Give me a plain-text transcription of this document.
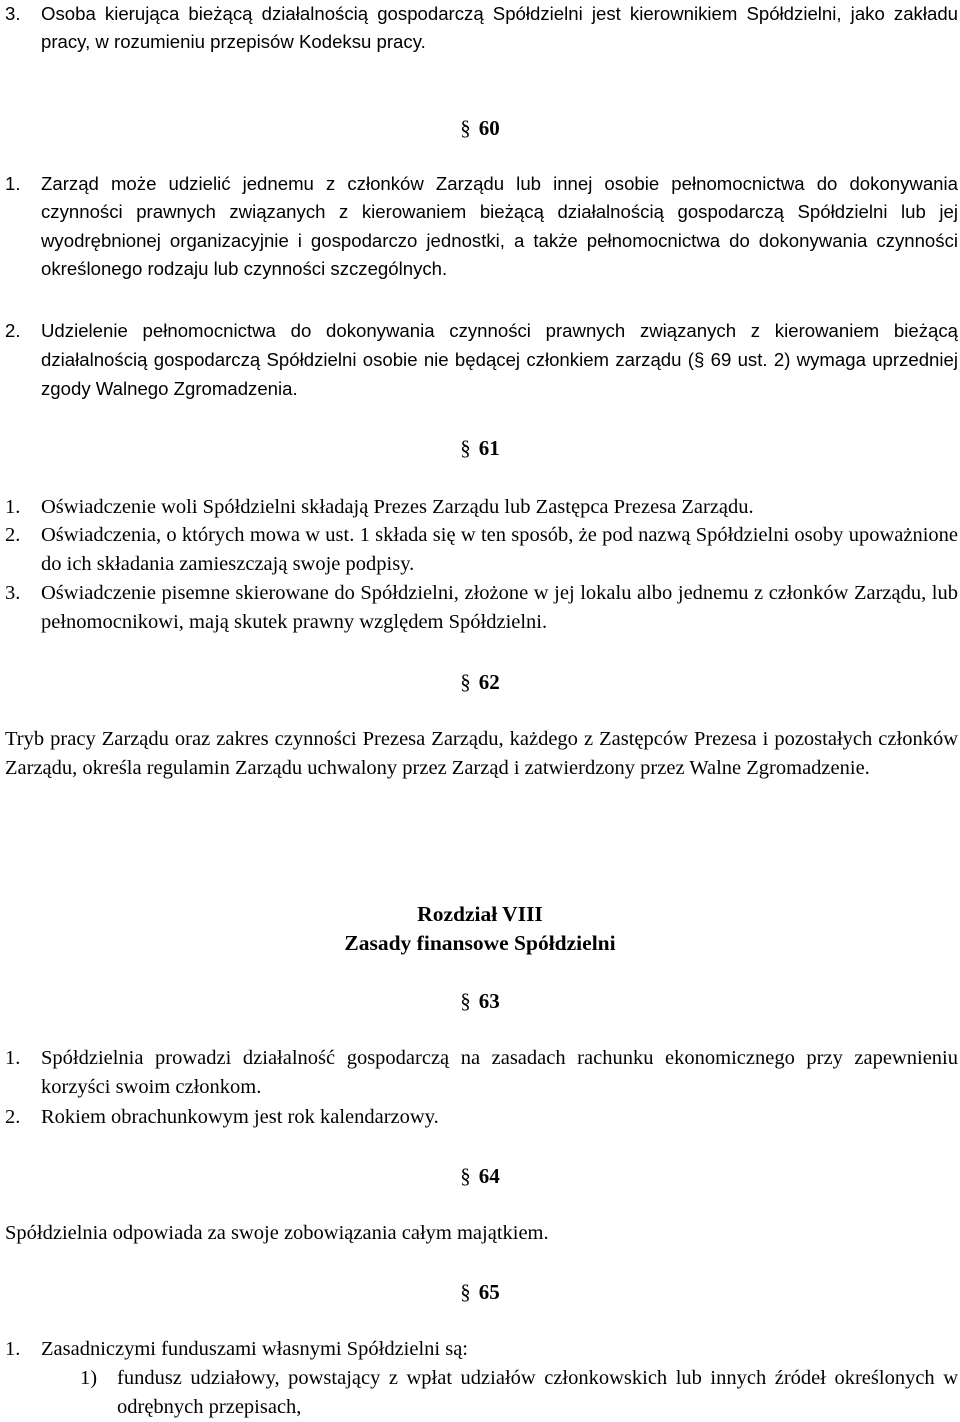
3. Osoba kierująca bieżącą działalnością gospodarczą Spółdzielni jest kierownikiem Spółdzielni, jako zakładu pracy, w rozumieniu przepisów Kodeksu pracy.
§ 60
1. Zarząd może udzielić jednemu z członków Zarządu lub innej osobie pełnomocnictwa do dokonywania czynności prawnych związanych z kierowaniem bieżącą działalnością gospodarczą Spółdzielni lub jej wyodrębnionej organizacyjnie i gospodarczo jednostki, a także pełnomocnictwa do dokonywania czynności określonego rodzaju lub czynności szczególnych.
2. Udzielenie pełnomocnictwa do dokonywania czynności prawnych związanych z kierowaniem bieżącą działalnością gospodarczą Spółdzielni osobie nie będącej członkiem zarządu (§ 69 ust. 2) wymaga uprzedniej zgody Walnego Zgromadzenia.
§ 61
1. Oświadczenie woli Spółdzielni składają Prezes Zarządu lub Zastępca Prezesa Zarządu.
2. Oświadczenia, o których mowa w ust. 1 składa się w ten sposób, że pod nazwą Spółdzielni osoby upoważnione do ich składania zamieszczają swoje podpisy.
3. Oświadczenie pisemne skierowane do Spółdzielni, złożone w jej lokalu albo jednemu z członków Zarządu, lub pełnomocnikowi, mają skutek prawny względem Spółdzielni.
§ 62
Tryb pracy Zarządu oraz zakres czynności Prezesa Zarządu, każdego z Zastępców Prezesa i pozostałych członków Zarządu, określa regulamin Zarządu uchwalony przez Zarząd i zatwierdzony przez Walne Zgromadzenie.
Rozdział VIII
Zasady finansowe Spółdzielni
§ 63
1. Spółdzielnia prowadzi działalność gospodarczą na zasadach rachunku ekonomicznego przy zapewnieniu korzyści swoim członkom.
2. Rokiem obrachunkowym jest rok kalendarzowy.
§ 64
Spółdzielnia odpowiada za swoje zobowiązania całym majątkiem.
§ 65
1. Zasadniczymi funduszami własnymi Spółdzielni są:
1) fundusz udziałowy, powstający z wpłat udziałów członkowskich lub innych źródeł określonych w odrębnych przepisach,
